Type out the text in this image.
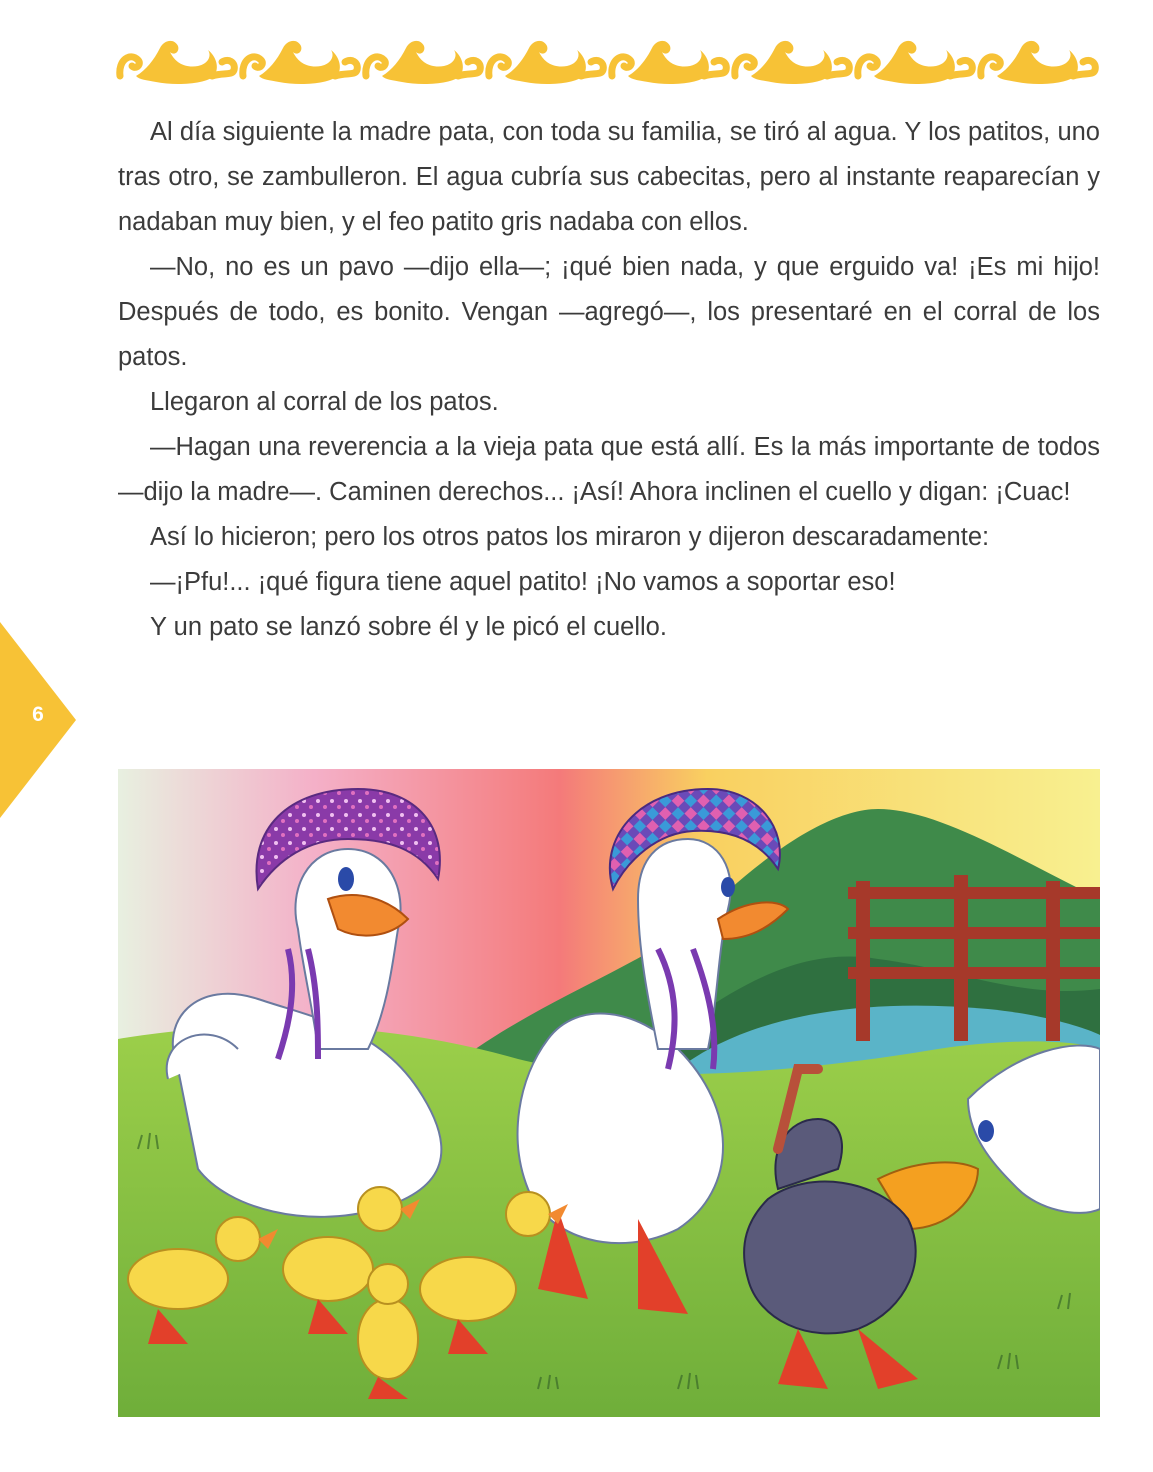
Al día siguiente la madre pata, con toda su familia, se tiró al agua. Y los patitos, uno tras otro, se zambulleron. El agua cubría sus cabecitas, pero al instante reaparecían y nadaban muy bien, y el feo patito gris nadaba con ellos.

—No, no es un pavo —dijo ella—; ¡qué bien nada, y que erguido va! ¡Es mi hijo! Después de todo, es bonito. Vengan —agregó—, los presentaré en el corral de los patos.

Llegaron al corral de los patos.

—Hagan una reverencia a la vieja pata que está allí. Es la más importante de todos —dijo la madre—. Caminen derechos... ¡Así! Ahora inclinen el cuello y digan: ¡Cuac!

Así lo hicieron; pero los otros patos los miraron y dijeron descaradamente:

—¡Pfu!... ¡qué figura tiene aquel patito! ¡No vamos a soportar eso!

Y un pato se lanzó sobre él y le picó el cuello.

6
